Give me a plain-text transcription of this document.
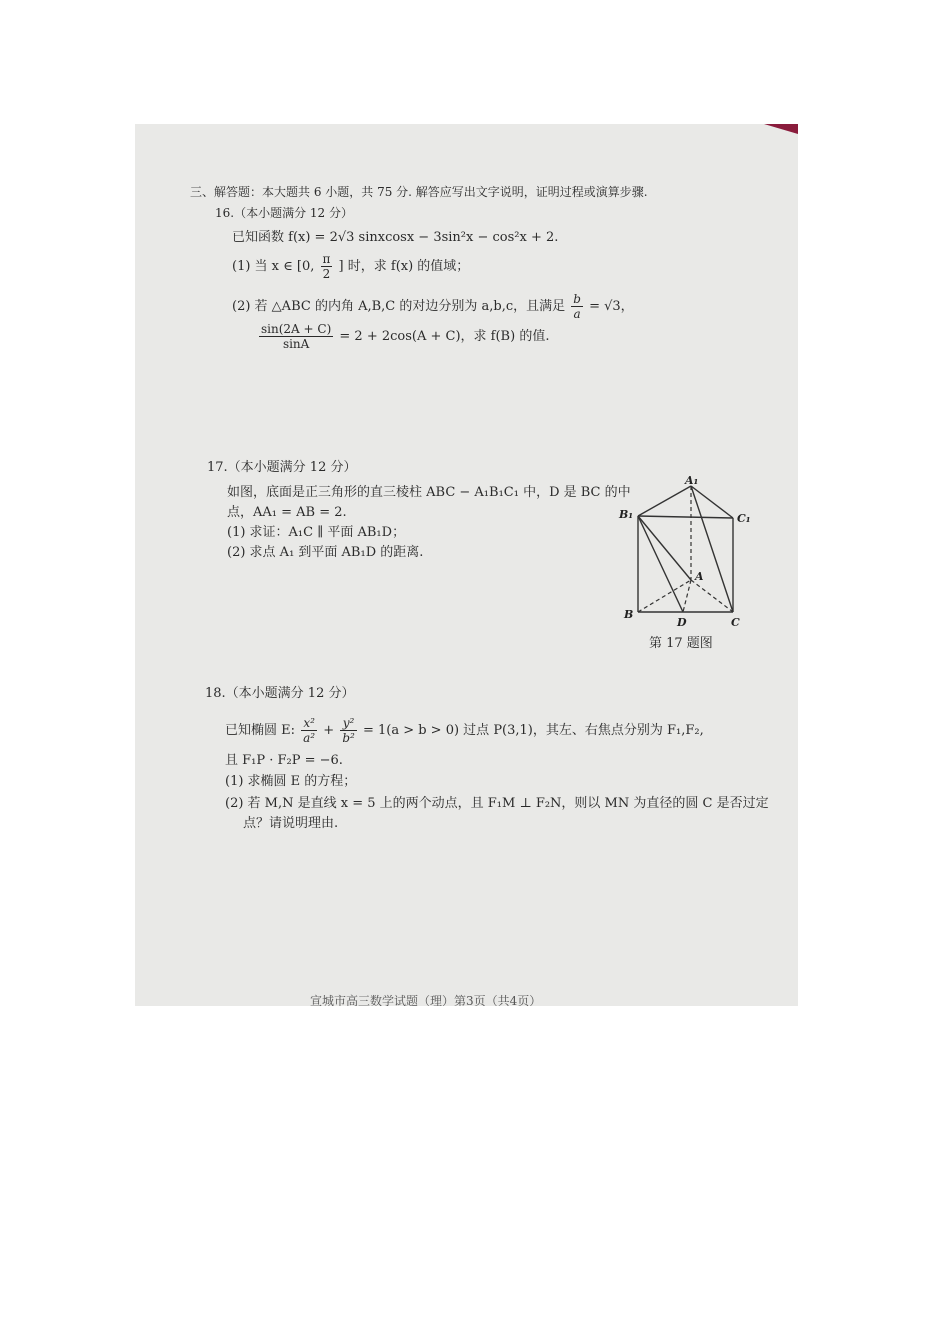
三、解答题：本大题共 6 小题，共 75 分. 解答应写出文字说明，证明过程或演算步骤.
16.（本小题满分 12 分）
已知函数 f(x) = 2√3 sinxcosx − 3sin²x − cos²x + 2.
(1) 当 x ∈ [0, $\frac{\pi}{2}$ ] 时，求 f(x) 的值域；
(2) 若 △ABC 的内角 A,B,C 的对边分别为 a,b,c，且满足 $\frac{b}{a} = √3$，
$\frac{\sin(2A + C)}{\sin A} = 2 + 2\cos(A + C)$，求 f(B) 的值.
17.（本小题满分 12 分）
如图，底面是正三角形的直三棱柱 ABC − A₁B₁C₁ 中，D 是 BC 的中
点，AA₁ = AB = 2.
(1) 求证：A₁C ∥ 平面 AB₁D；
(2) 求点 A₁ 到平面 AB₁D 的距离.
A₁
B₁	C₁
A
B
D	C
第 17 题图
18.（本小题满分 12 分）
已知椭圆 E: $\frac{\text{x²}}{\text{a²}} + \frac{\text{y²}}{\text{b²}} = 1(a > b > 0)$ 过点 P(3,1)，其左、右焦点分别为 F₁,F₂,
且 F₁P · F₂P = −6.
(1) 求椭圆 E 的方程；
(2) 若 M,N 是直线 x = 5 上的两个动点，且 F₁M ⊥ F₂N，则以 MN 为直径的圆 C 是否过定
点？请说明理由.
宣城市高三数学试题（理）第3页（共4页）
